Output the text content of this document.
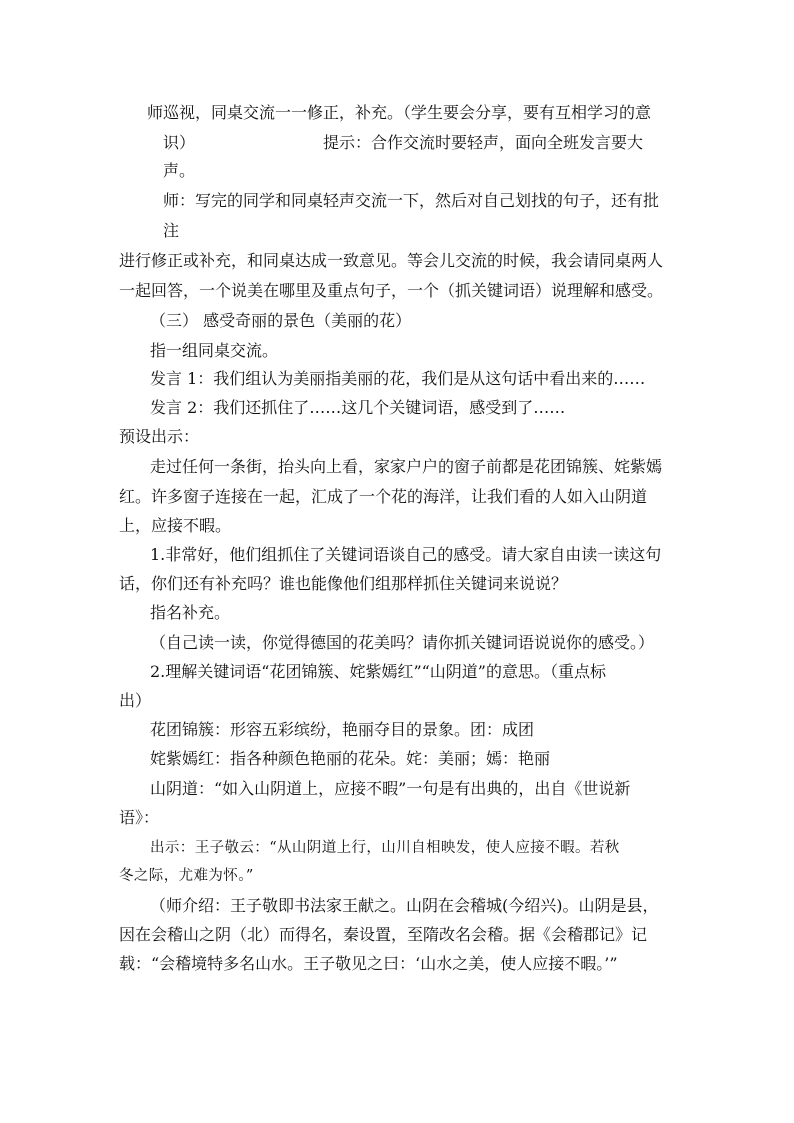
师巡视，同桌交流一一修正，补充。（学生要会分享，要有互相学习的意
识）	提示：合作交流时要轻声，面向全班发言要大
声。
师：写完的同学和同桌轻声交流一下，然后对自己划找的句子，还有批
注
进行修正或补充，和同桌达成一致意见。等会儿交流的时候，我会请同桌两人
一起回答，一个说美在哪里及重点句子，一个（抓关键词语）说理解和感受。
（三） 感受奇丽的景色（美丽的花）
指一组同桌交流。
发言 1：我们组认为美丽指美丽的花，我们是从这句话中看出来的……
发言 2：我们还抓住了……这几个关键词语，感受到了……
预设出示：
走过任何一条街，抬头向上看，家家户户的窗子前都是花团锦簇、姹紫嫣
红。许多窗子连接在一起，汇成了一个花的海洋，让我们看的人如入山阴道
上，应接不暇。
1.非常好，他们组抓住了关键词语谈自己的感受。请大家自由读一读这句
话，你们还有补充吗？谁也能像他们组那样抓住关键词来说说？
指名补充。
（自己读一读，你觉得德国的花美吗？请你抓关键词语说说你的感受。）
2.理解关键词语“花团锦簇、姹紫嫣红”“山阴道”的意思。（重点标
出）
花团锦簇：形容五彩缤纷，艳丽夺目的景象。团：成团
姹紫嫣红：指各种颜色艳丽的花朵。姹：美丽；嫣：艳丽
山阴道：“如入山阴道上，应接不暇”一句是有出典的，出自《世说新
语》：
出示：王子敬云：“从山阴道上行，山川自相映发，使人应接不暇。若秋
冬之际，尤难为怀。”
（师介绍：王子敬即书法家王献之。山阴在会稽城(今绍兴)。山阴是县，
因在会稽山之阴（北）而得名，秦设置，至隋改名会稽。据《会稽郡记》记
载：“会稽境特多名山水。王子敬见之曰：‘山水之美，使人应接不暇。’”
